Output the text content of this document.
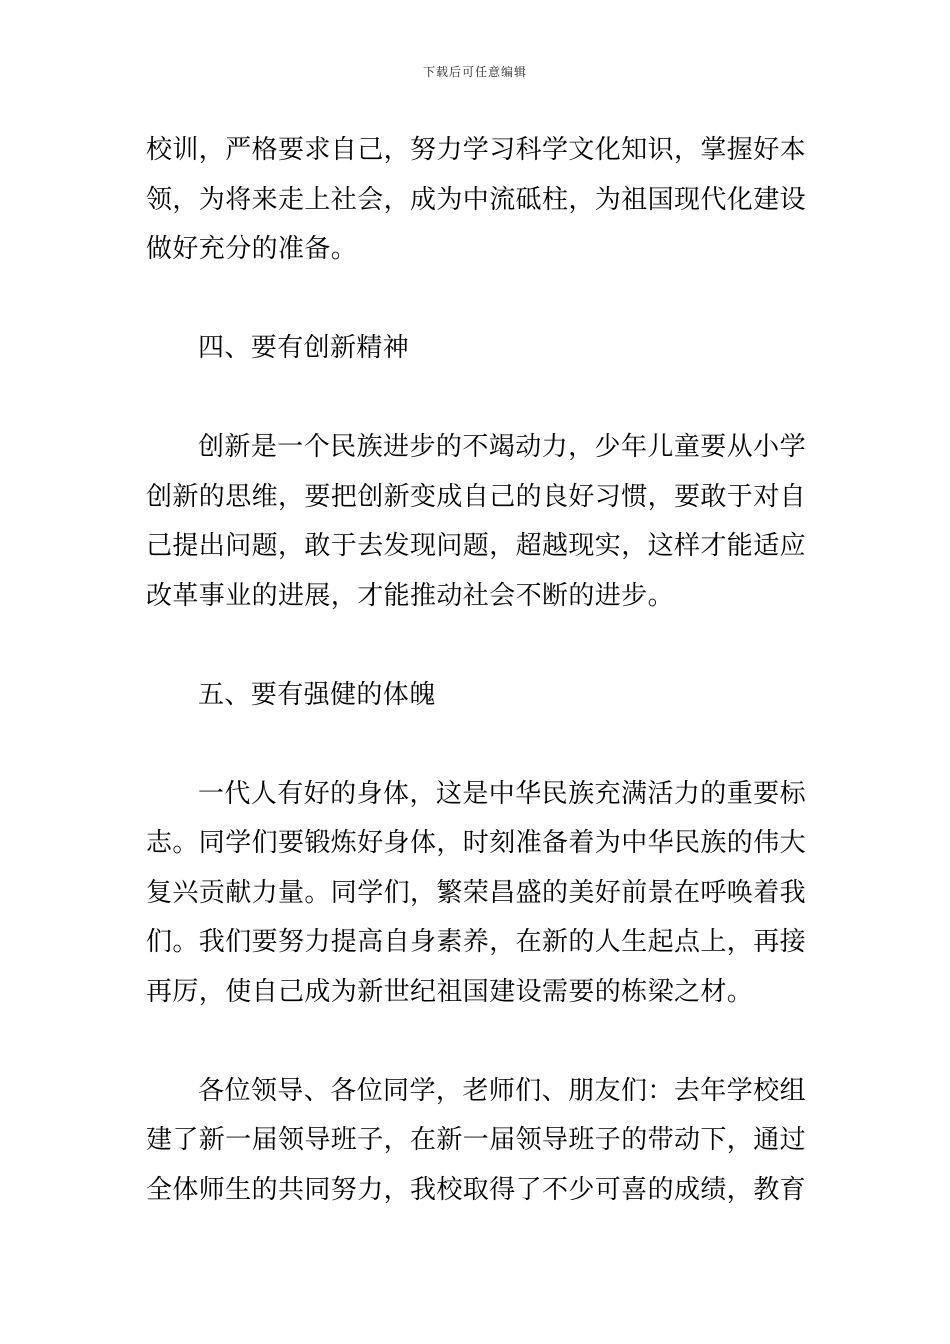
下载后可任意编辑

校训，严格要求自己，努力学习科学文化知识，掌握好本领，为将来走上社会，成为中流砥柱，为祖国现代化建设做好充分的准备。

四、要有创新精神

创新是一个民族进步的不竭动力，少年儿童要从小学创新的思维，要把创新变成自己的良好习惯，要敢于对自己提出问题，敢于去发现问题，超越现实，这样才能适应改革事业的进展，才能推动社会不断的进步。

五、要有强健的体魄

一代人有好的身体，这是中华民族充满活力的重要标志。同学们要锻炼好身体，时刻准备着为中华民族的伟大复兴贡献力量。同学们，繁荣昌盛的美好前景在呼唤着我们。我们要努力提高自身素养，在新的人生起点上，再接再厉，使自己成为新世纪祖国建设需要的栋梁之材。

各位领导、各位同学，老师们、朋友们：去年学校组建了新一届领导班子，在新一届领导班子的带动下，通过全体师生的共同努力，我校取得了不少可喜的成绩，教育
